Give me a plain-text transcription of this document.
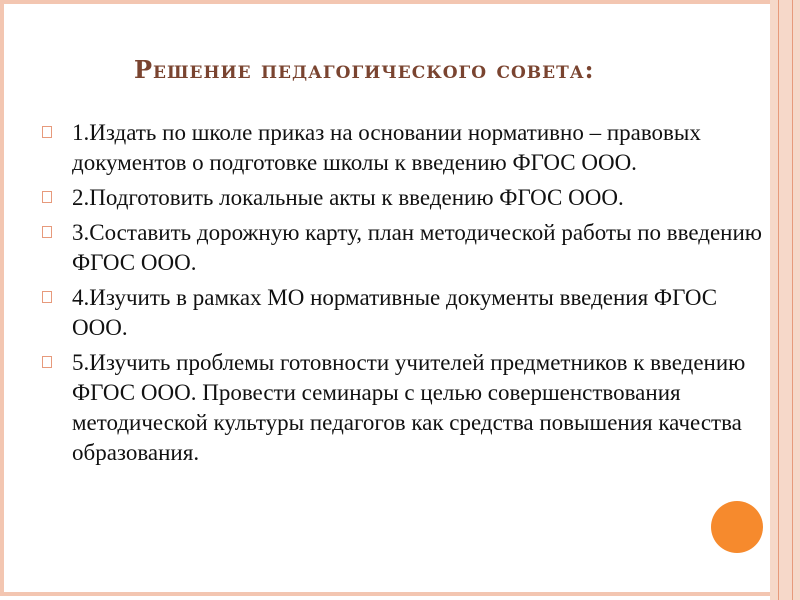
Решение педагогического совета:
1.Издать по школе приказ на основании нормативно – правовых документов о подготовке школы к введению ФГОС ООО.
2.Подготовить локальные акты к введению ФГОС ООО.
3.Составить дорожную карту, план методической работы по введению ФГОС ООО.
4.Изучить в рамках МО нормативные документы введения ФГОС ООО.
5.Изучить проблемы готовности учителей предметников к введению ФГОС ООО. Провести семинары с целью совершенствования методической культуры педагогов как средства повышения качества образования.
